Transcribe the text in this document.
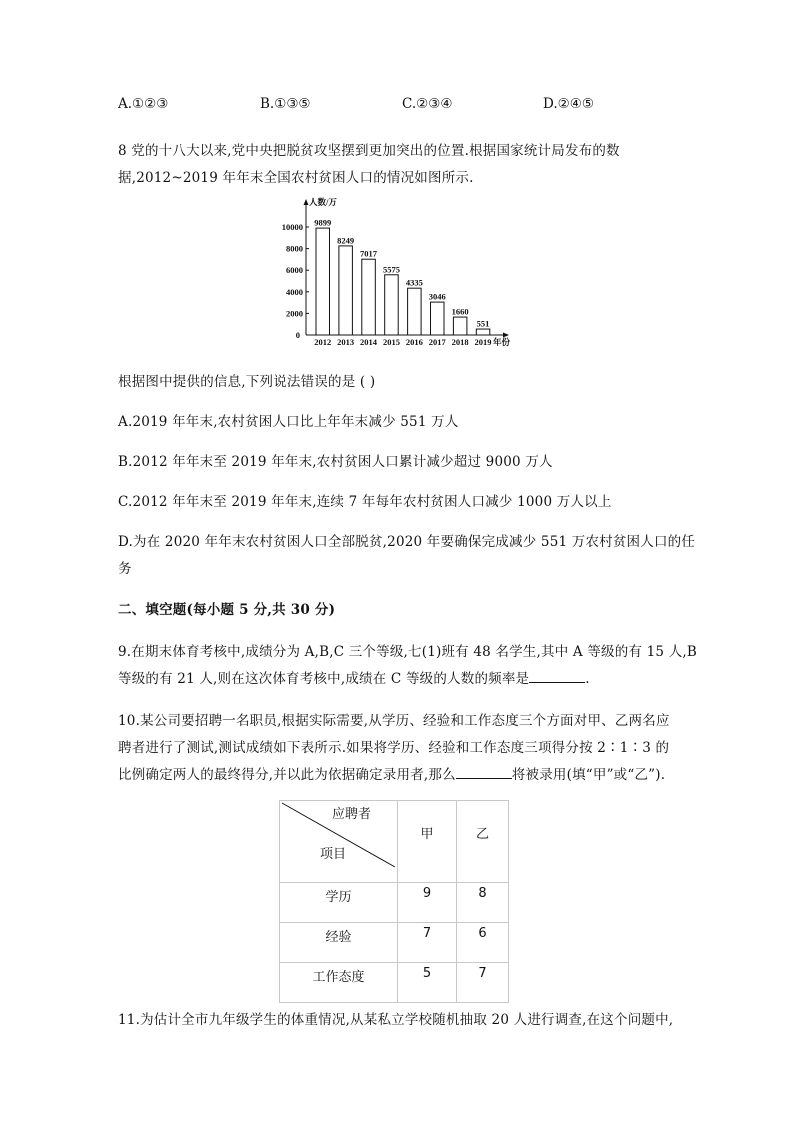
A.①②③	B.①③⑤	C.②③④	D.②④⑤
8 党的十八大以来,党中央把脱贫攻坚摆到更加突出的位置.根据国家统计局发布的数
据,2012~2019 年年末全国农村贫困人口的情况如图所示.
人数/万
0
2000
4000
6000
8000
10000 9899
2012
8249
2013
7017
2014
5575
2015
4335
2016
3046
2017
1660
2018
551
2019 年份
根据图中提供的信息,下列说法错误的是 ( )
A.2019 年年末,农村贫困人口比上年年末减少 551 万人
B.2012 年年末至 2019 年年末,农村贫困人口累计减少超过 9000 万人
C.2012 年年末至 2019 年年末,连续 7 年每年农村贫困人口减少 1000 万人以上
D.为在 2020 年年末农村贫困人口全部脱贫,2020 年要确保完成减少 551 万农村贫困人口的任
务
二、填空题(每小题 5 分,共 30 分)
9.在期末体育考核中,成绩分为 A,B,C 三个等级,七(1)班有 48 名学生,其中 A 等级的有 15 人,B
等级的有 21 人,则在这次体育考核中,成绩在 C 等级的人数的频率是	.
10.某公司要招聘一名职员,根据实际需要,从学历、经验和工作态度三个方面对甲、乙两名应
聘者进行了测试,测试成绩如下表所示.如果将学历、经验和工作态度三项得分按 2∶1∶3 的
比例确定两人的最终得分,并以此为依据确定录用者,那么	将被录用(填“甲”或“乙”).
应聘者
项目	甲	乙
学历	9	8
经验	7	6
工作态度	5	7
11.为估计全市九年级学生的体重情况,从某私立学校随机抽取 20 人进行调查,在这个问题中,
